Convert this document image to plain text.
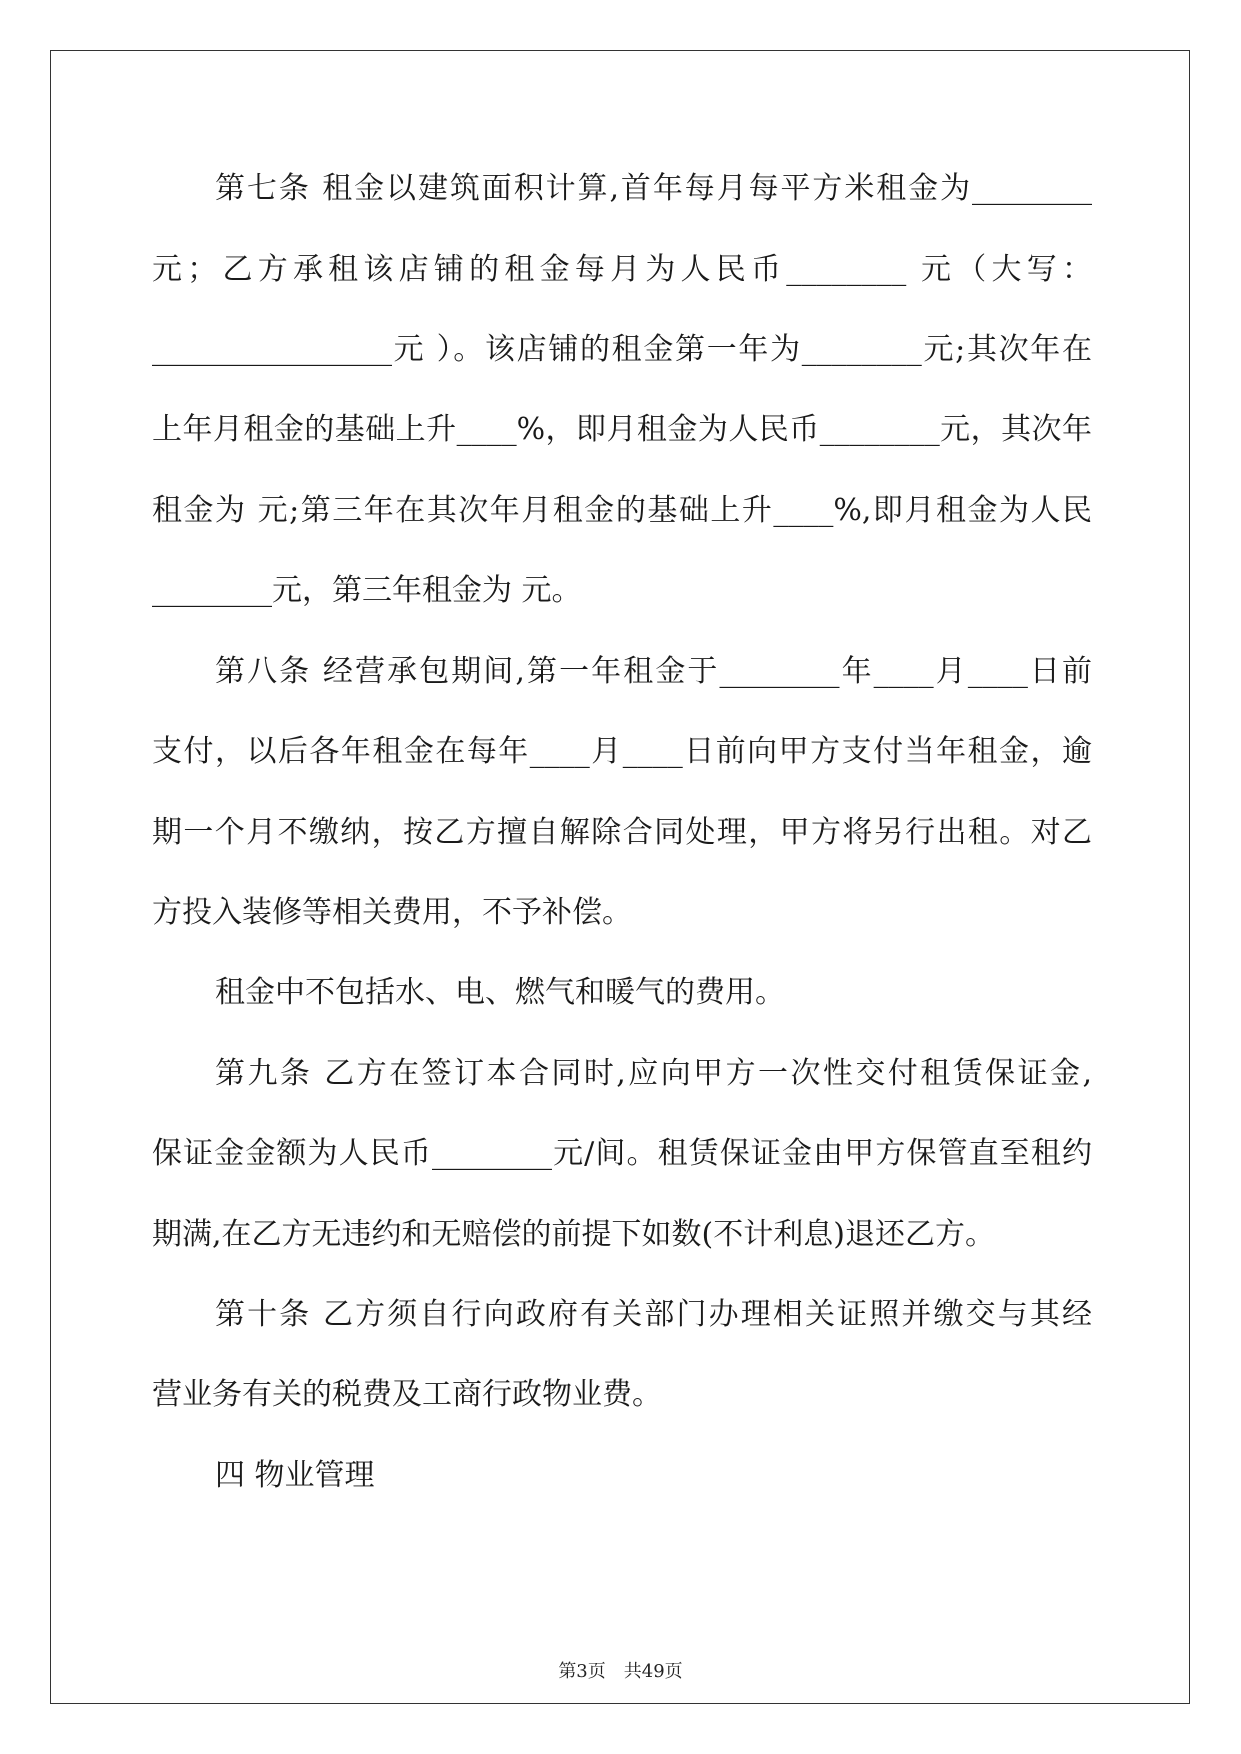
第七条 租金以建筑面积计算,首年每月每平方米租金为________
元；乙方承租该店铺的租金每月为人民币________ 元（大写：
________________元 ）。该店铺的租金第一年为________元;其次年在
上年月租金的基础上升____%，即月租金为人民币________元，其次年
租金为 元;第三年在其次年月租金的基础上升____%,即月租金为人民
________元，第三年租金为 元。
第八条 经营承包期间,第一年租金于________年____月____日前
支付，以后各年租金在每年____月____日前向甲方支付当年租金，逾
期一个月不缴纳，按乙方擅自解除合同处理，甲方将另行出租。对乙
方投入装修等相关费用，不予补偿。
租金中不包括水、电、燃气和暖气的费用。
第九条 乙方在签订本合同时,应向甲方一次性交付租赁保证金,
保证金金额为人民币________元/间。租赁保证金由甲方保管直至租约
期满,在乙方无违约和无赔偿的前提下如数(不计利息)退还乙方。
第十条 乙方须自行向政府有关部门办理相关证照并缴交与其经
营业务有关的税费及工商行政物业费。
四 物业管理
第3页　共49页
